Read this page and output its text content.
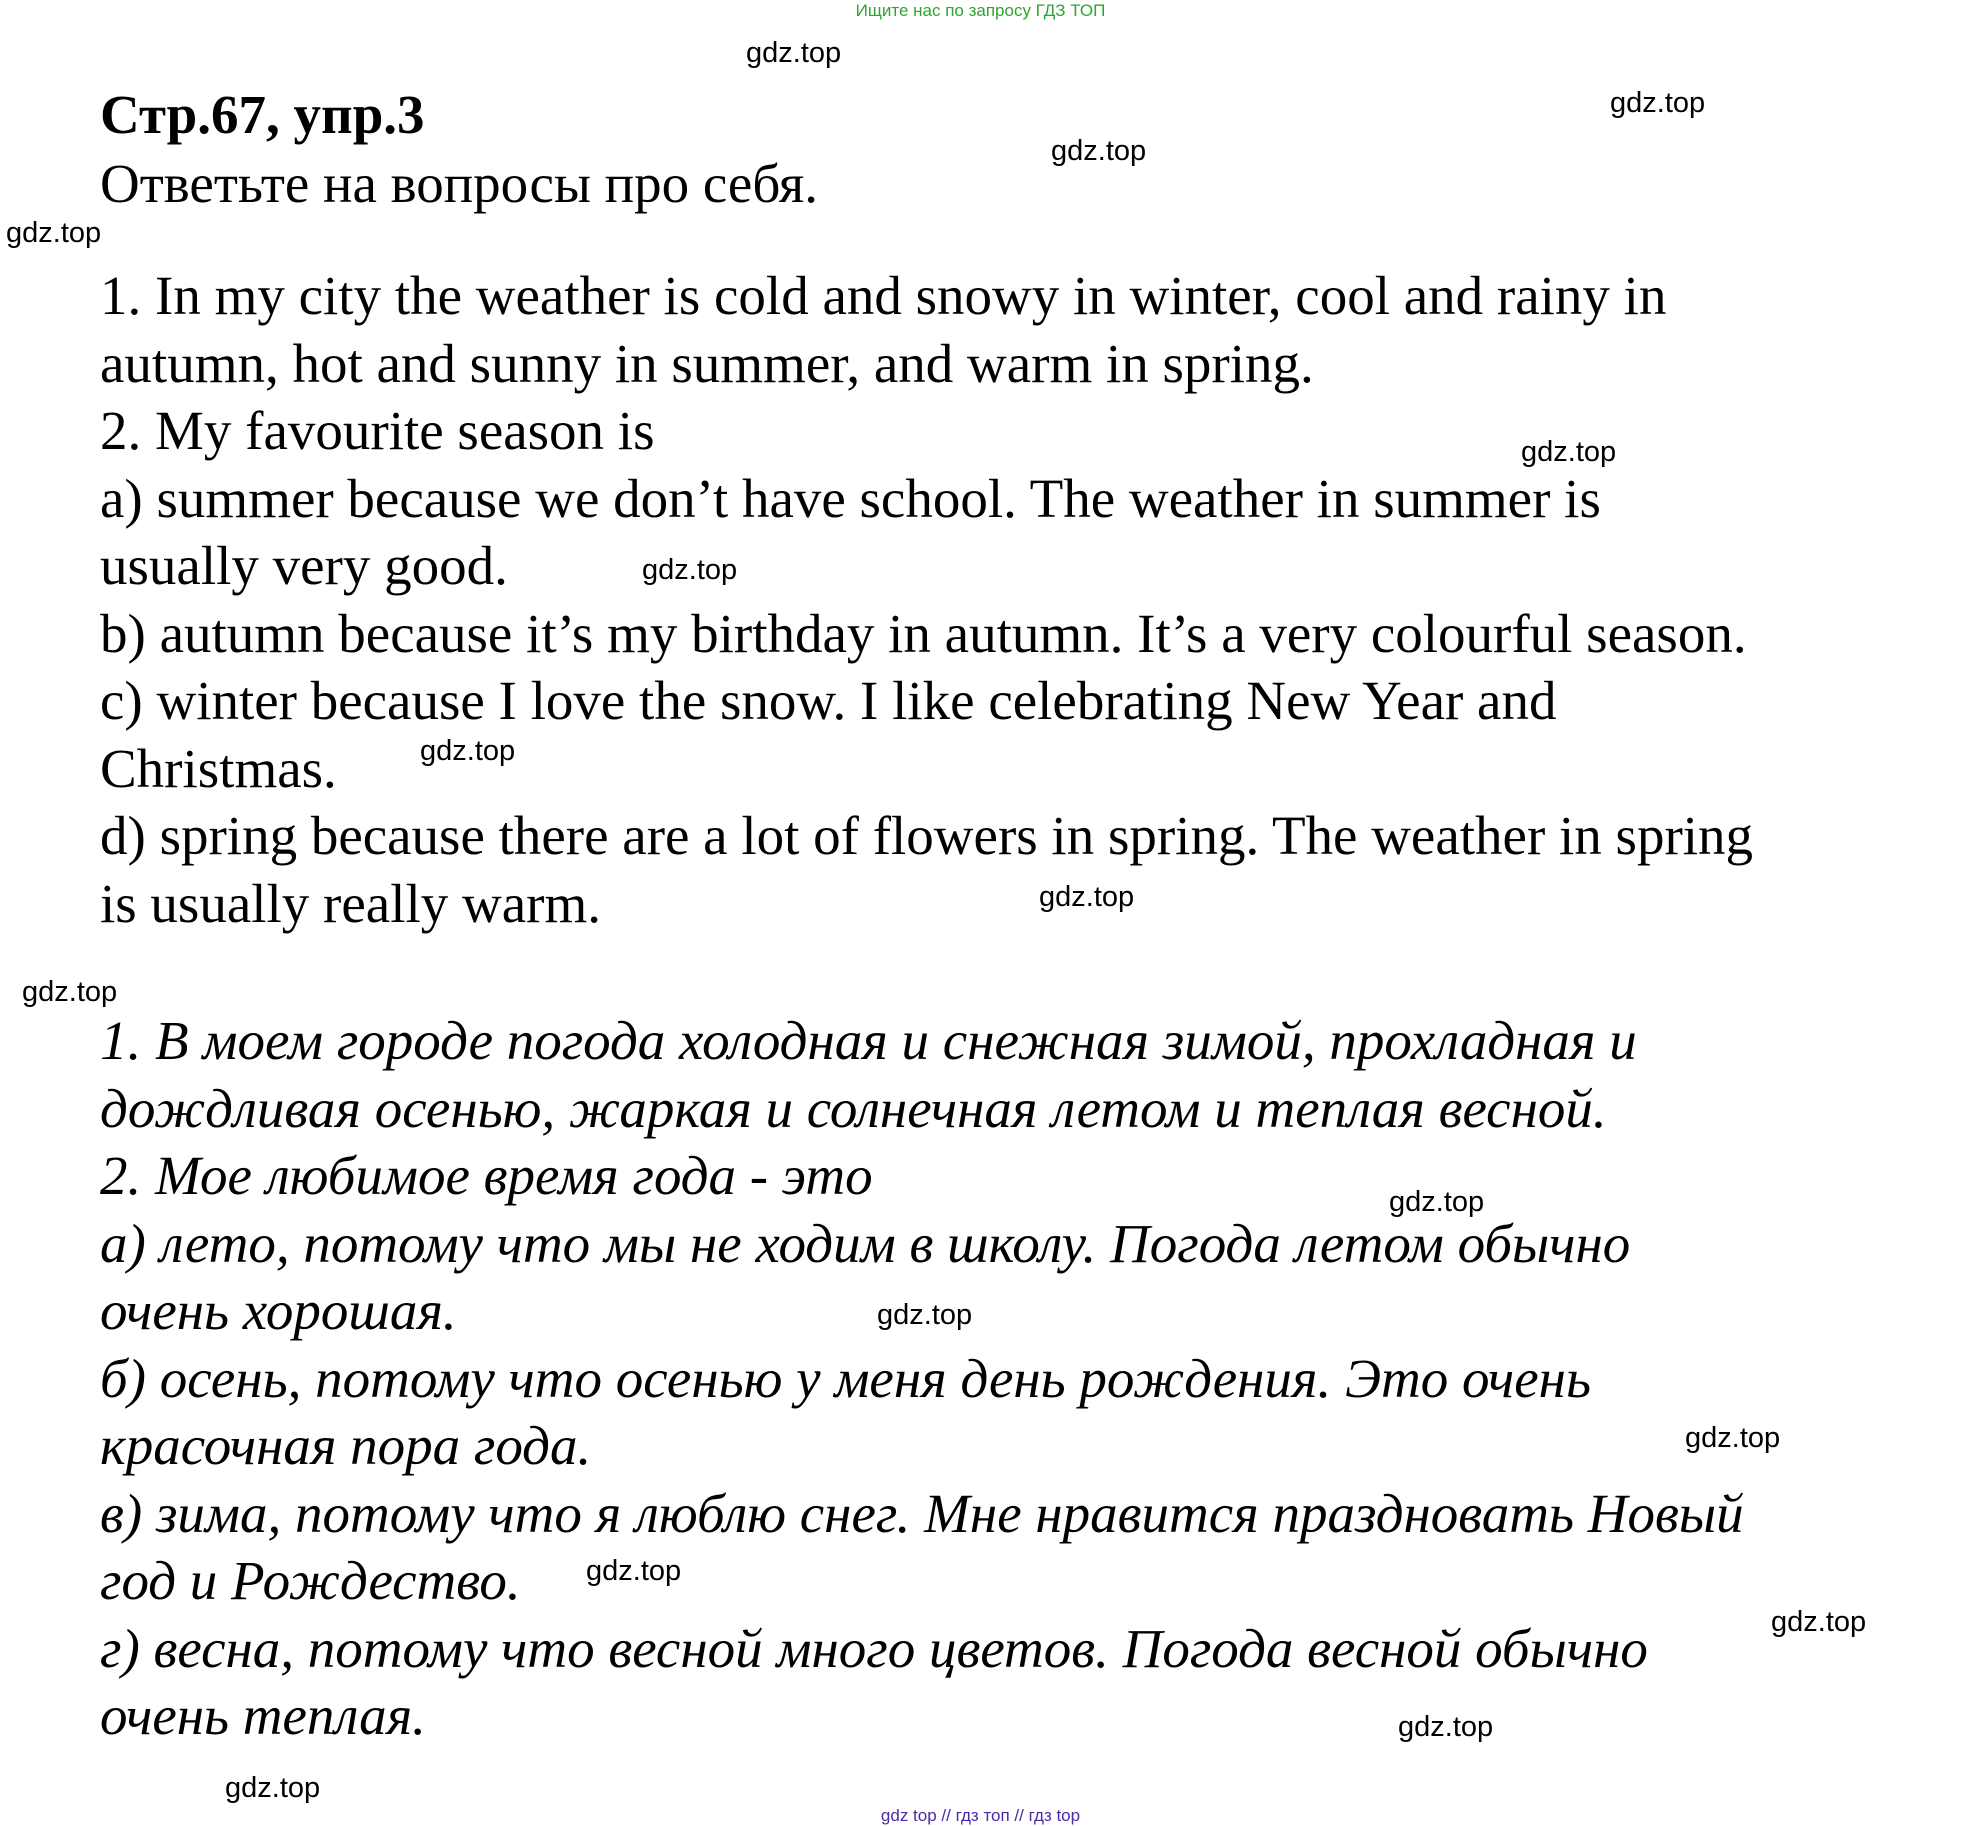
Ищите нас по запросу ГДЗ ТОП
Стр.67, упр.3

Ответьте на вопросы про себя.

1. In my city the weather is cold and snowy in winter, cool and rainy in

autumn, hot and sunny in summer, and warm in spring.

2. My favourite season is

a) summer because we don’t have school. The weather in summer is

usually very good.

b) autumn because it’s my birthday in autumn. It’s a very colourful season.

c) winter because I love the snow. I like celebrating New Year and

Christmas.

d) spring because there are a lot of flowers in spring. The weather in spring

is usually really warm.

1. В моем городе погода холодная и снежная зимой, прохладная и

дождливая осенью, жаркая и солнечная летом и теплая весной.

2. Мое любимое время года - это

а) лето, потому что мы не ходим в школу. Погода летом обычно

очень хорошая.

б) осень, потому что осенью у меня день рождения. Это очень

красочная пора года.

в) зима, потому что я люблю снег. Мне нравится праздновать Новый

год и Рождество.

г) весна, потому что весной много цветов. Погода весной обычно

очень теплая.

gdz.top
gdz.top
gdz.top
gdz.top
gdz.top
gdz.top
gdz.top
gdz.top
gdz.top
gdz.top
gdz.top
gdz.top
gdz.top
gdz.top
gdz.top
gdz.top
gdz top // гдз топ // гдз top
